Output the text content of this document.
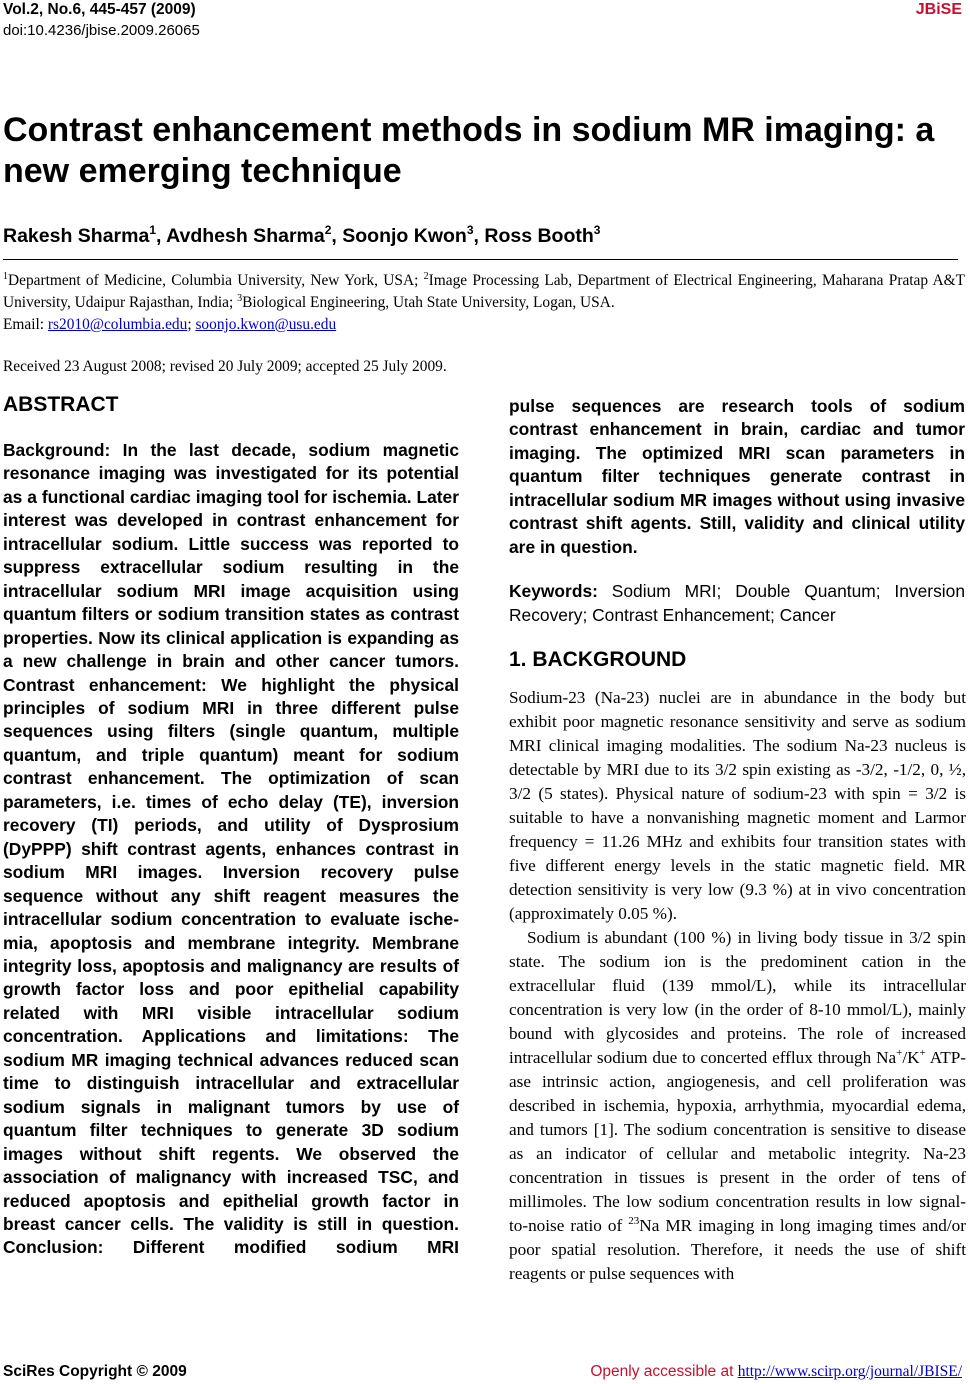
Vol.2, No.6, 445-457 (2009)
doi:10.4236/jbise.2009.26065
JBiSE
Contrast enhancement methods in sodium MR imaging: a new emerging technique
Rakesh Sharma$^1$, Avdhesh Sharma$^2$, Soonjo Kwon$^3$, Ross Booth$^3$
$^1$Department of Medicine, Columbia University, New York, USA; $^2$Image Processing Lab, Department of Electrical Engineering, Maharana Pratap A&T University, Udaipur Rajasthan, India; $^3$Biological Engineering, Utah State University, Logan, USA.
Email: rs2010@columbia.edu; soonjo.kwon@usu.edu
Received 23 August 2008; revised 20 July 2009; accepted 25 July 2009.
ABSTRACT
Background: In the last decade, sodium magnetic resonance imaging was investigated for its potential as a functional cardiac imaging tool for ischemia. Later interest was developed in contrast enhancement for intracellular sodium. Little success was reported to suppress extracellular sodium resulting in the intracellular sodium MRI image acquisition using quantum filters or sodium transition states as contrast properties. Now its clinical application is expanding as a new challenge in brain and other cancer tumors. Contrast enhancement: We highlight the physical principles of sodium MRI in three different pulse sequences using filters (single quantum, multiple quantum, and triple quantum) meant for sodium contrast enhancement. The optimization of scan parameters, i.e. times of echo delay (TE), inversion recovery (TI) periods, and utility of Dysprosium (DyPPP) shift contrast agents, enhances contrast in sodium MRI images. Inversion recovery pulse sequence without any shift reagent measures the intracellular sodium concentration to evaluate ischemia, apoptosis and membrane integrity. Membrane integrity loss, apoptosis and malignancy are results of growth factor loss and poor epithelial capability related with MRI visible intracellular sodium concentration. Applications and limitations: The sodium MR imaging technical advances reduced scan time to distinguish intracellular and extracellular sodium signals in malignant tumors by use of quantum filter techniques to generate 3D sodium images without shift regents. We observed the association of malignancy with increased TSC, and reduced apoptosis and epithelial growth factor in breast cancer cells. The validity is still in question. Conclusion: Different modified sodium MRI
pulse sequences are research tools of sodium contrast enhancement in brain, cardiac and tumor imaging. The optimized MRI scan parameters in quantum filter techniques generate contrast in intracellular sodium MR images without using invasive contrast shift agents. Still, validity and clinical utility are in question.
Keywords: Sodium MRI; Double Quantum; Inversion Recovery; Contrast Enhancement; Cancer
1. BACKGROUND

Sodium-23 (Na-23) nuclei are in abundance in the body but exhibit poor magnetic resonance sensitivity and serve as sodium MRI clinical imaging modalities. The sodium Na-23 nucleus is detectable by MRI due to its 3/2 spin existing as -3/2, -1/2, 0, ½, 3/2 (5 states). Physical nature of sodium-23 with spin = 3/2 is suitable to have a nonvanishing magnetic moment and Larmor frequency = 11.26 MHz and exhibits four transition states with five different energy levels in the static magnetic field. MR detection sensitivity is very low (9.3 %) at in vivo concentration (approximately 0.05 %).

Sodium is abundant (100 %) in living body tissue in 3/2 spin state. The sodium ion is the predominent cation in the extracellular fluid (139 mmol/L), while its intracellular concentration is very low (in the order of 8-10 mmol/L), mainly bound with glycosides and proteins. The role of increased intracellular sodium due to concerted efflux through Na+/K+ ATP-ase intrinsic action, angiogenesis, and cell proliferation was described in ischemia, hypoxia, arrhythmia, myocardial edema, and tumors [1]. The sodium concentration is sensitive to disease as an indicator of cellular and metabolic integrity. Na-23 concentration in tissues is present in the order of tens of millimoles. The low sodium concentration results in low signal-to-noise ratio of $^{23}$Na MR imaging in long imaging times and/or poor spatial resolution. Therefore, it needs the use of shift reagents or pulse sequences with

SciRes Copyright © 2009	Openly accessible at http://www.scirp.org/journal/JBISE/
